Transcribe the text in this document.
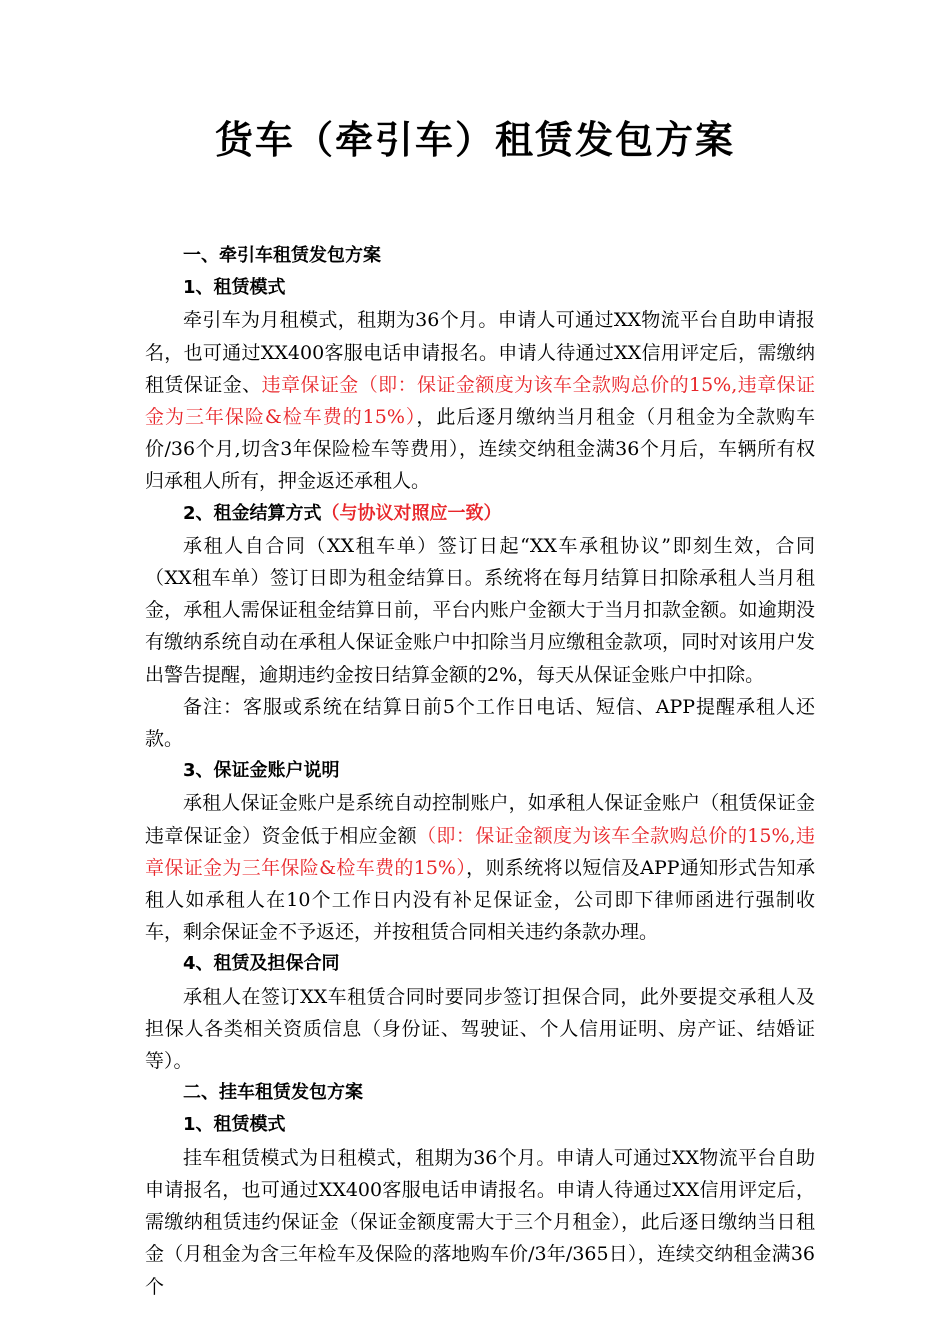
货车（牵引车）租赁发包方案

一、牵引车租赁发包方案

1、租赁模式

牵引车为月租模式，租期为36个月。申请人可通过XX物流平台自助申请报名，也可通过XX400客服电话申请报名。申请人待通过XX信用评定后，需缴纳租赁保证金、违章保证金（即：保证金额度为该车全款购总价的15%,违章保证金为三年保险&检车费的15%），此后逐月缴纳当月租金（月租金为全款购车价/36个月,切含3年保险检车等费用），连续交纳租金满36个月后，车辆所有权归承租人所有，押金返还承租人。

2、租金结算方式（与协议对照应一致）

承租人自合同（XX租车单）签订日起“XX车承租协议”即刻生效，合同（XX租车单）签订日即为租金结算日。系统将在每月结算日扣除承租人当月租金，承租人需保证租金结算日前，平台内账户金额大于当月扣款金额。如逾期没有缴纳系统自动在承租人保证金账户中扣除当月应缴租金款项，同时对该用户发出警告提醒，逾期违约金按日结算金额的2%，每天从保证金账户中扣除。

备注：客服或系统在结算日前5个工作日电话、短信、APP提醒承租人还款。

3、保证金账户说明

承租人保证金账户是系统自动控制账户，如承租人保证金账户（租赁保证金违章保证金）资金低于相应金额（即：保证金额度为该车全款购总价的15%,违章保证金为三年保险&检车费的15%），则系统将以短信及APP通知形式告知承租人如承租人在10个工作日内没有补足保证金，公司即下律师函进行强制收车，剩余保证金不予返还，并按租赁合同相关违约条款办理。

4、租赁及担保合同

承租人在签订XX车租赁合同时要同步签订担保合同，此外要提交承租人及担保人各类相关资质信息（身份证、驾驶证、个人信用证明、房产证、结婚证等）。

二、挂车租赁发包方案

1、租赁模式

挂车租赁模式为日租模式，租期为36个月。申请人可通过XX物流平台自助申请报名，也可通过XX400客服电话申请报名。申请人待通过XX信用评定后，需缴纳租赁违约保证金（保证金额度需大于三个月租金），此后逐日缴纳当日租金（月租金为含三年检车及保险的落地购车价/3年/365日），连续交纳租金满36个
